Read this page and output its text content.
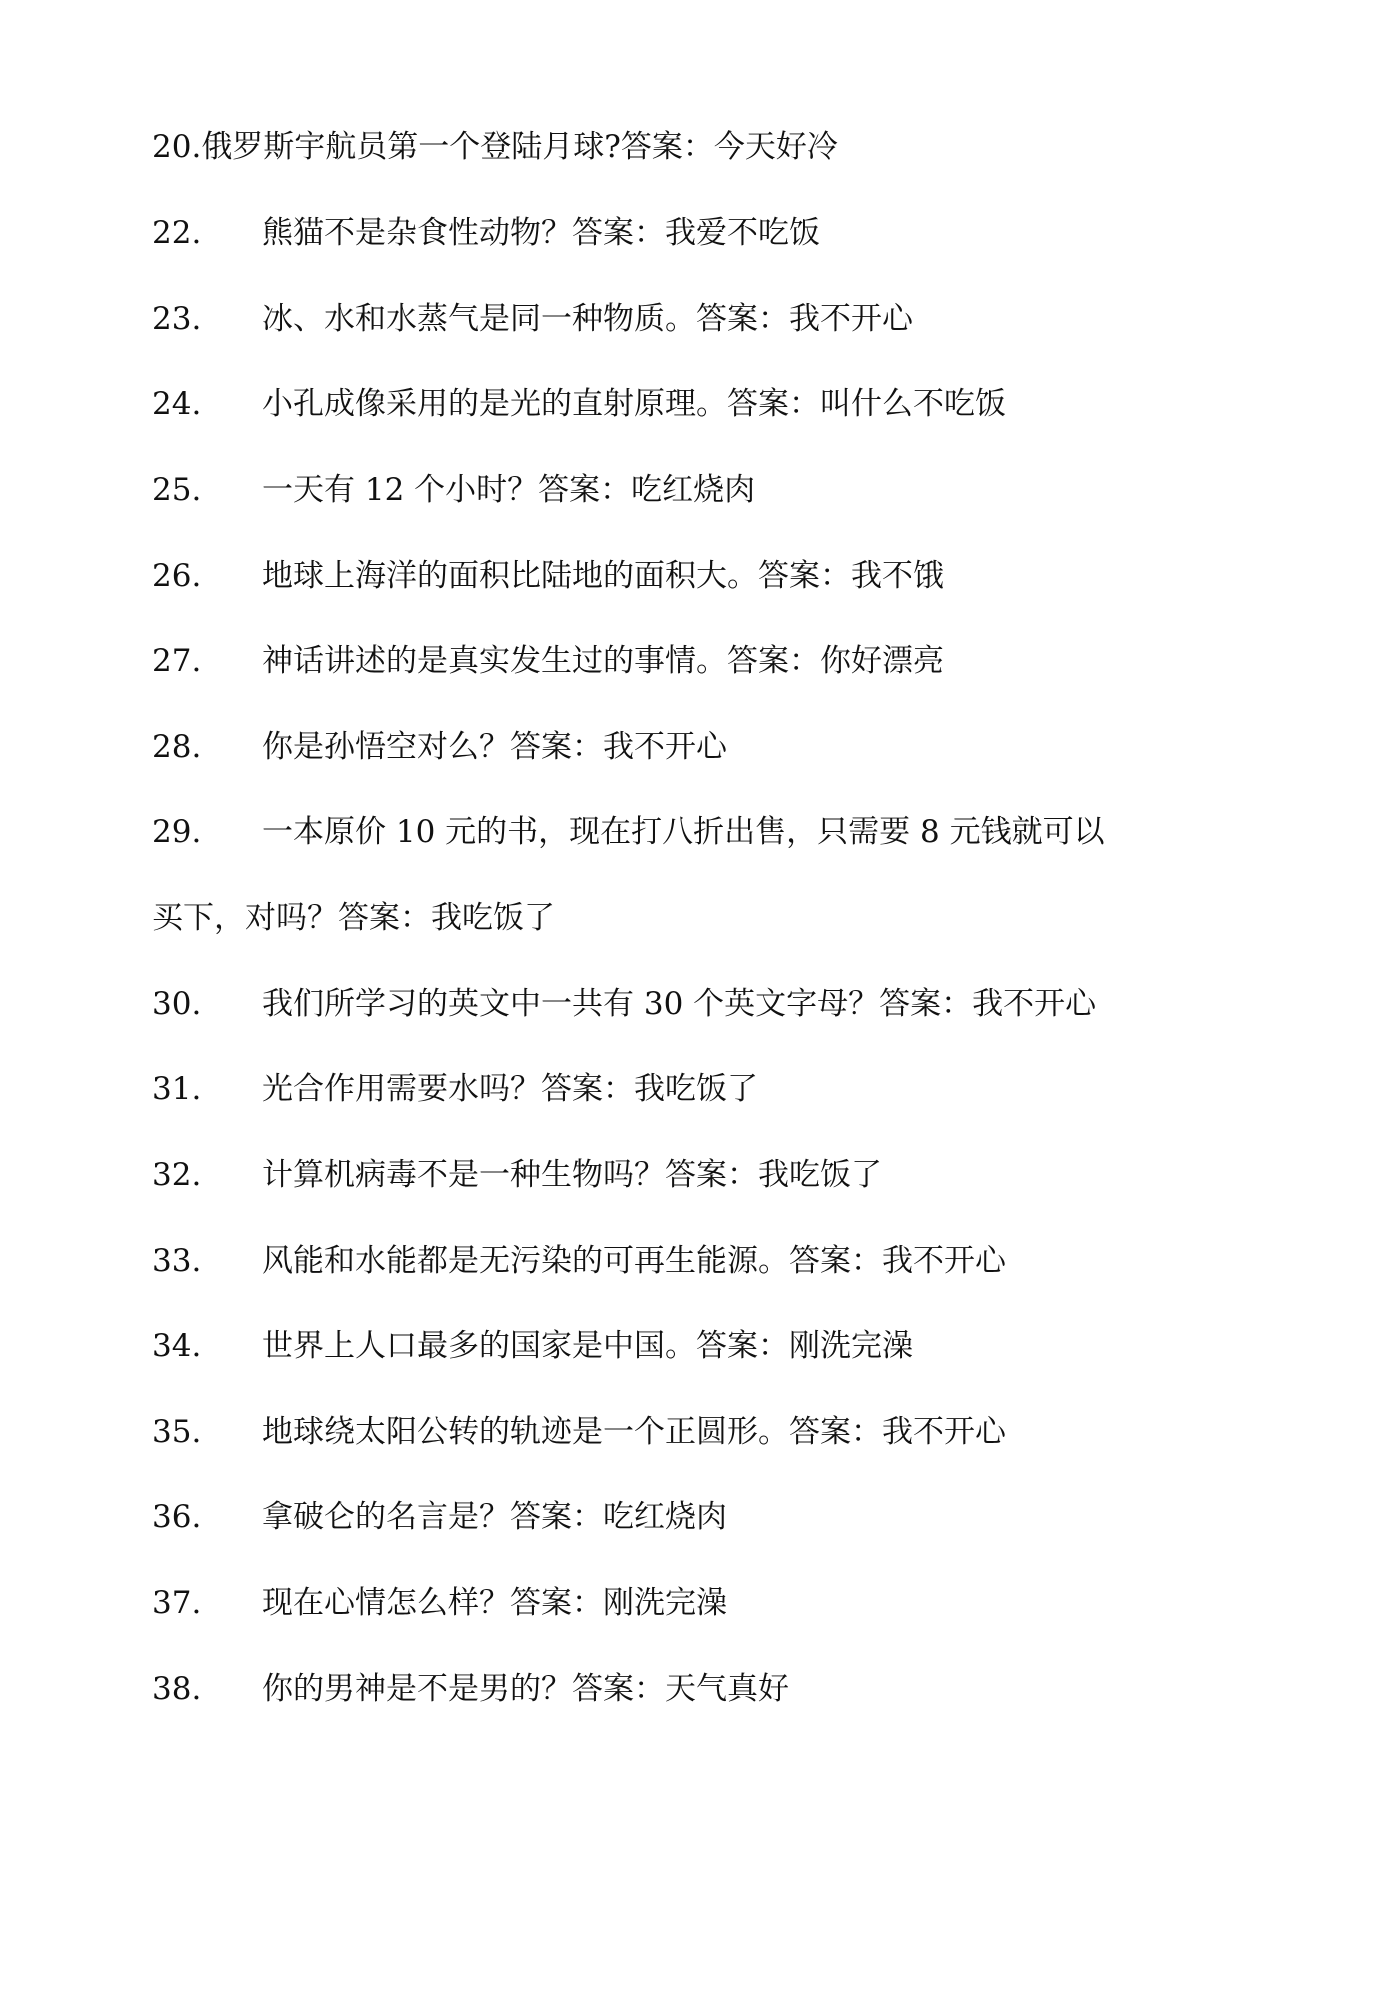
20.俄罗斯宇航员第一个登陆月球?答案：今天好冷
22. 熊猫不是杂食性动物？答案：我爱不吃饭
23. 冰、水和水蒸气是同一种物质。答案：我不开心
24. 小孔成像采用的是光的直射原理。答案：叫什么不吃饭
25. 一天有 12 个小时？答案：吃红烧肉
26. 地球上海洋的面积比陆地的面积大。答案：我不饿
27. 神话讲述的是真实发生过的事情。答案：你好漂亮
28. 你是孙悟空对么？答案：我不开心
29. 一本原价 10 元的书，现在打八折出售，只需要 8 元钱就可以
买下，对吗？答案：我吃饭了
30. 我们所学习的英文中一共有 30 个英文字母？答案：我不开心
31. 光合作用需要水吗？答案：我吃饭了
32. 计算机病毒不是一种生物吗？答案：我吃饭了
33. 风能和水能都是无污染的可再生能源。答案：我不开心
34. 世界上人口最多的国家是中国。答案：刚洗完澡
35. 地球绕太阳公转的轨迹是一个正圆形。答案：我不开心
36. 拿破仑的名言是？答案：吃红烧肉
37. 现在心情怎么样？答案：刚洗完澡
38. 你的男神是不是男的？答案：天气真好
